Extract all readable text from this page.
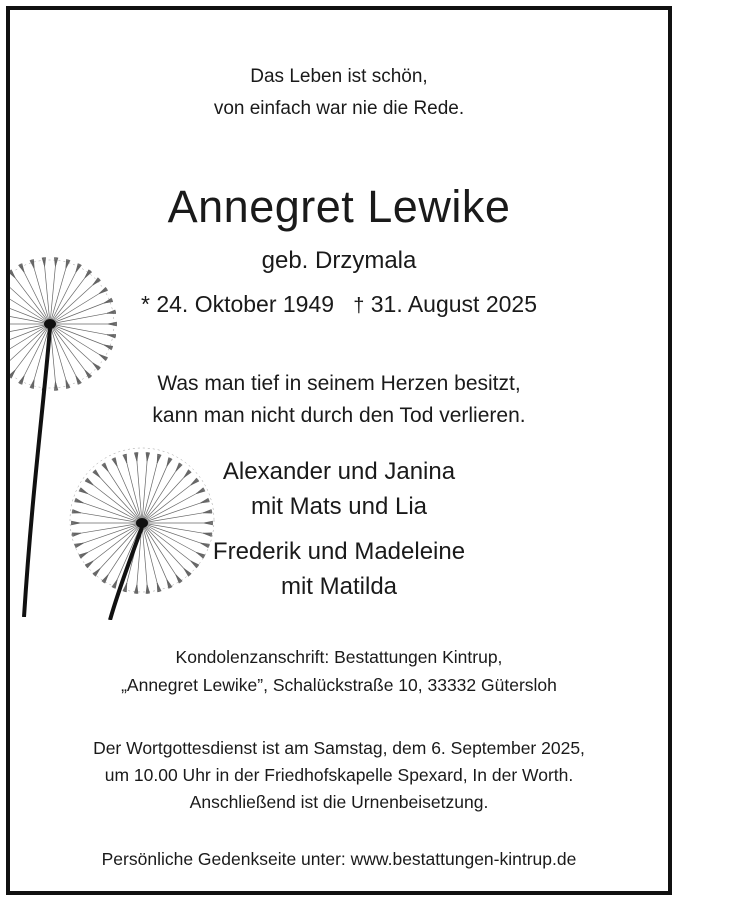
Das Leben ist schön,
von einfach war nie die Rede.
Annegret Lewike
geb. Drzymala
* 24. Oktober 1949 † 31. August 2025
Was man tief in seinem Herzen besitzt,
kann man nicht durch den Tod verlieren.
Alexander und Janina
mit Mats und Lia
Frederik und Madeleine
mit Matilda
Kondolenzanschrift: Bestattungen Kintrup,
„Annegret Lewike”, Schalückstraße 10, 33332 Gütersloh
Der Wortgottesdienst ist am Samstag, dem 6. September 2025,
um 10.00 Uhr in der Friedhofskapelle Spexard, In der Worth.
Anschließend ist die Urnenbeisetzung.
Persönliche Gedenkseite unter: www.bestattungen-kintrup.de
